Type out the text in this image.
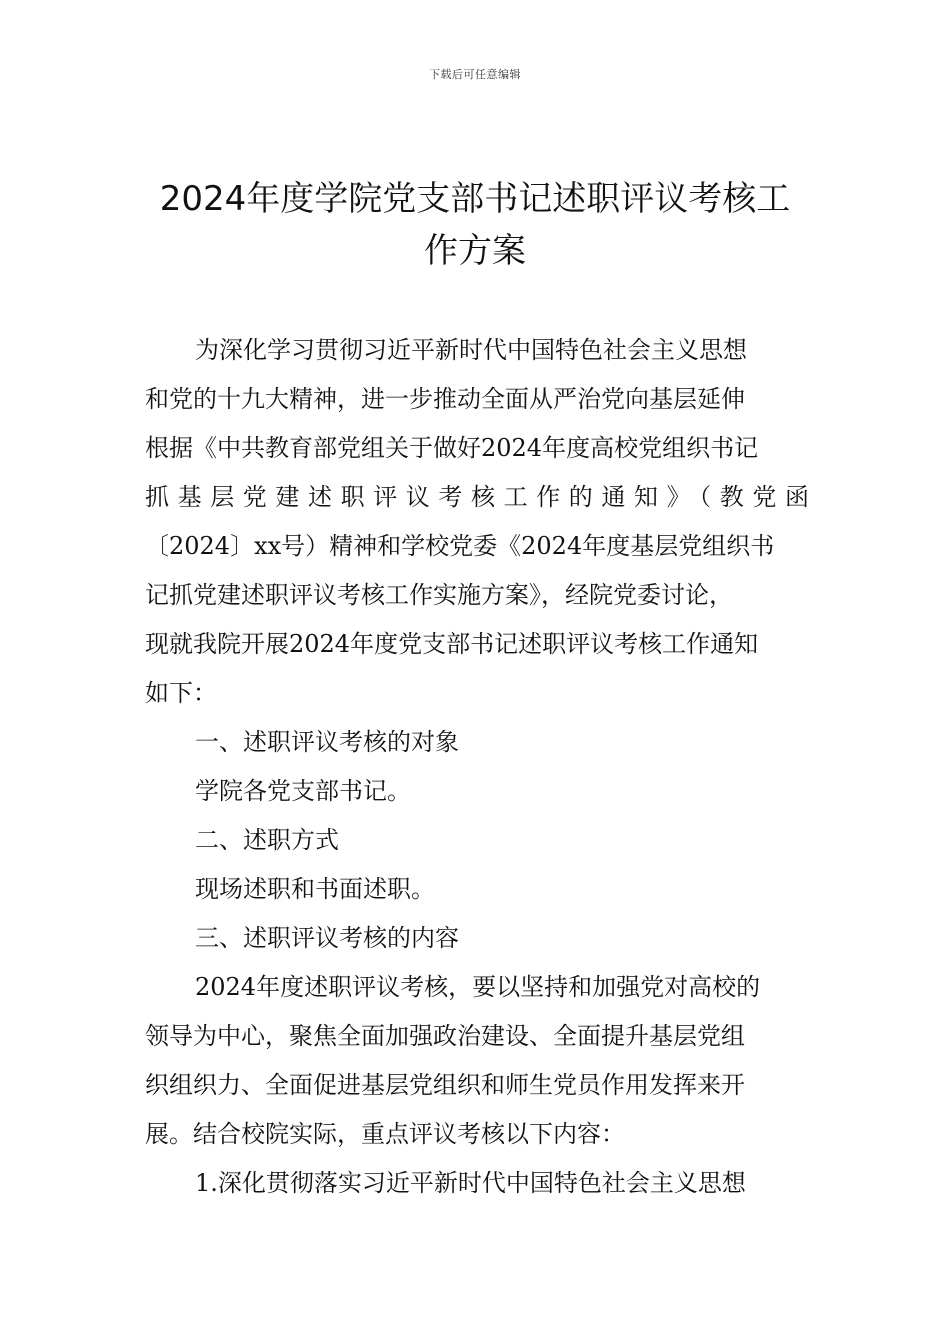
下载后可任意编辑
2024年度学院党支部书记述职评议考核工
作方案
为深化学习贯彻习近平新时代中国特色社会主义思想
和党的十九大精神，进一步推动全面从严治党向基层延伸
根据《中共教育部党组关于做好2024年度高校党组织书记
抓基层党建述职评议考核工作的通知》（教党函
〔2024〕xx号）精神和学校党委《2024年度基层党组织书
记抓党建述职评议考核工作实施方案》，经院党委讨论，
现就我院开展2024年度党支部书记述职评议考核工作通知
如下：
一、述职评议考核的对象
学院各党支部书记。
二、述职方式
现场述职和书面述职。
三、述职评议考核的内容
2024年度述职评议考核，要以坚持和加强党对高校的
领导为中心，聚焦全面加强政治建设、全面提升基层党组
织组织力、全面促进基层党组织和师生党员作用发挥来开
展。结合校院实际，重点评议考核以下内容：
1.深化贯彻落实习近平新时代中国特色社会主义思想
